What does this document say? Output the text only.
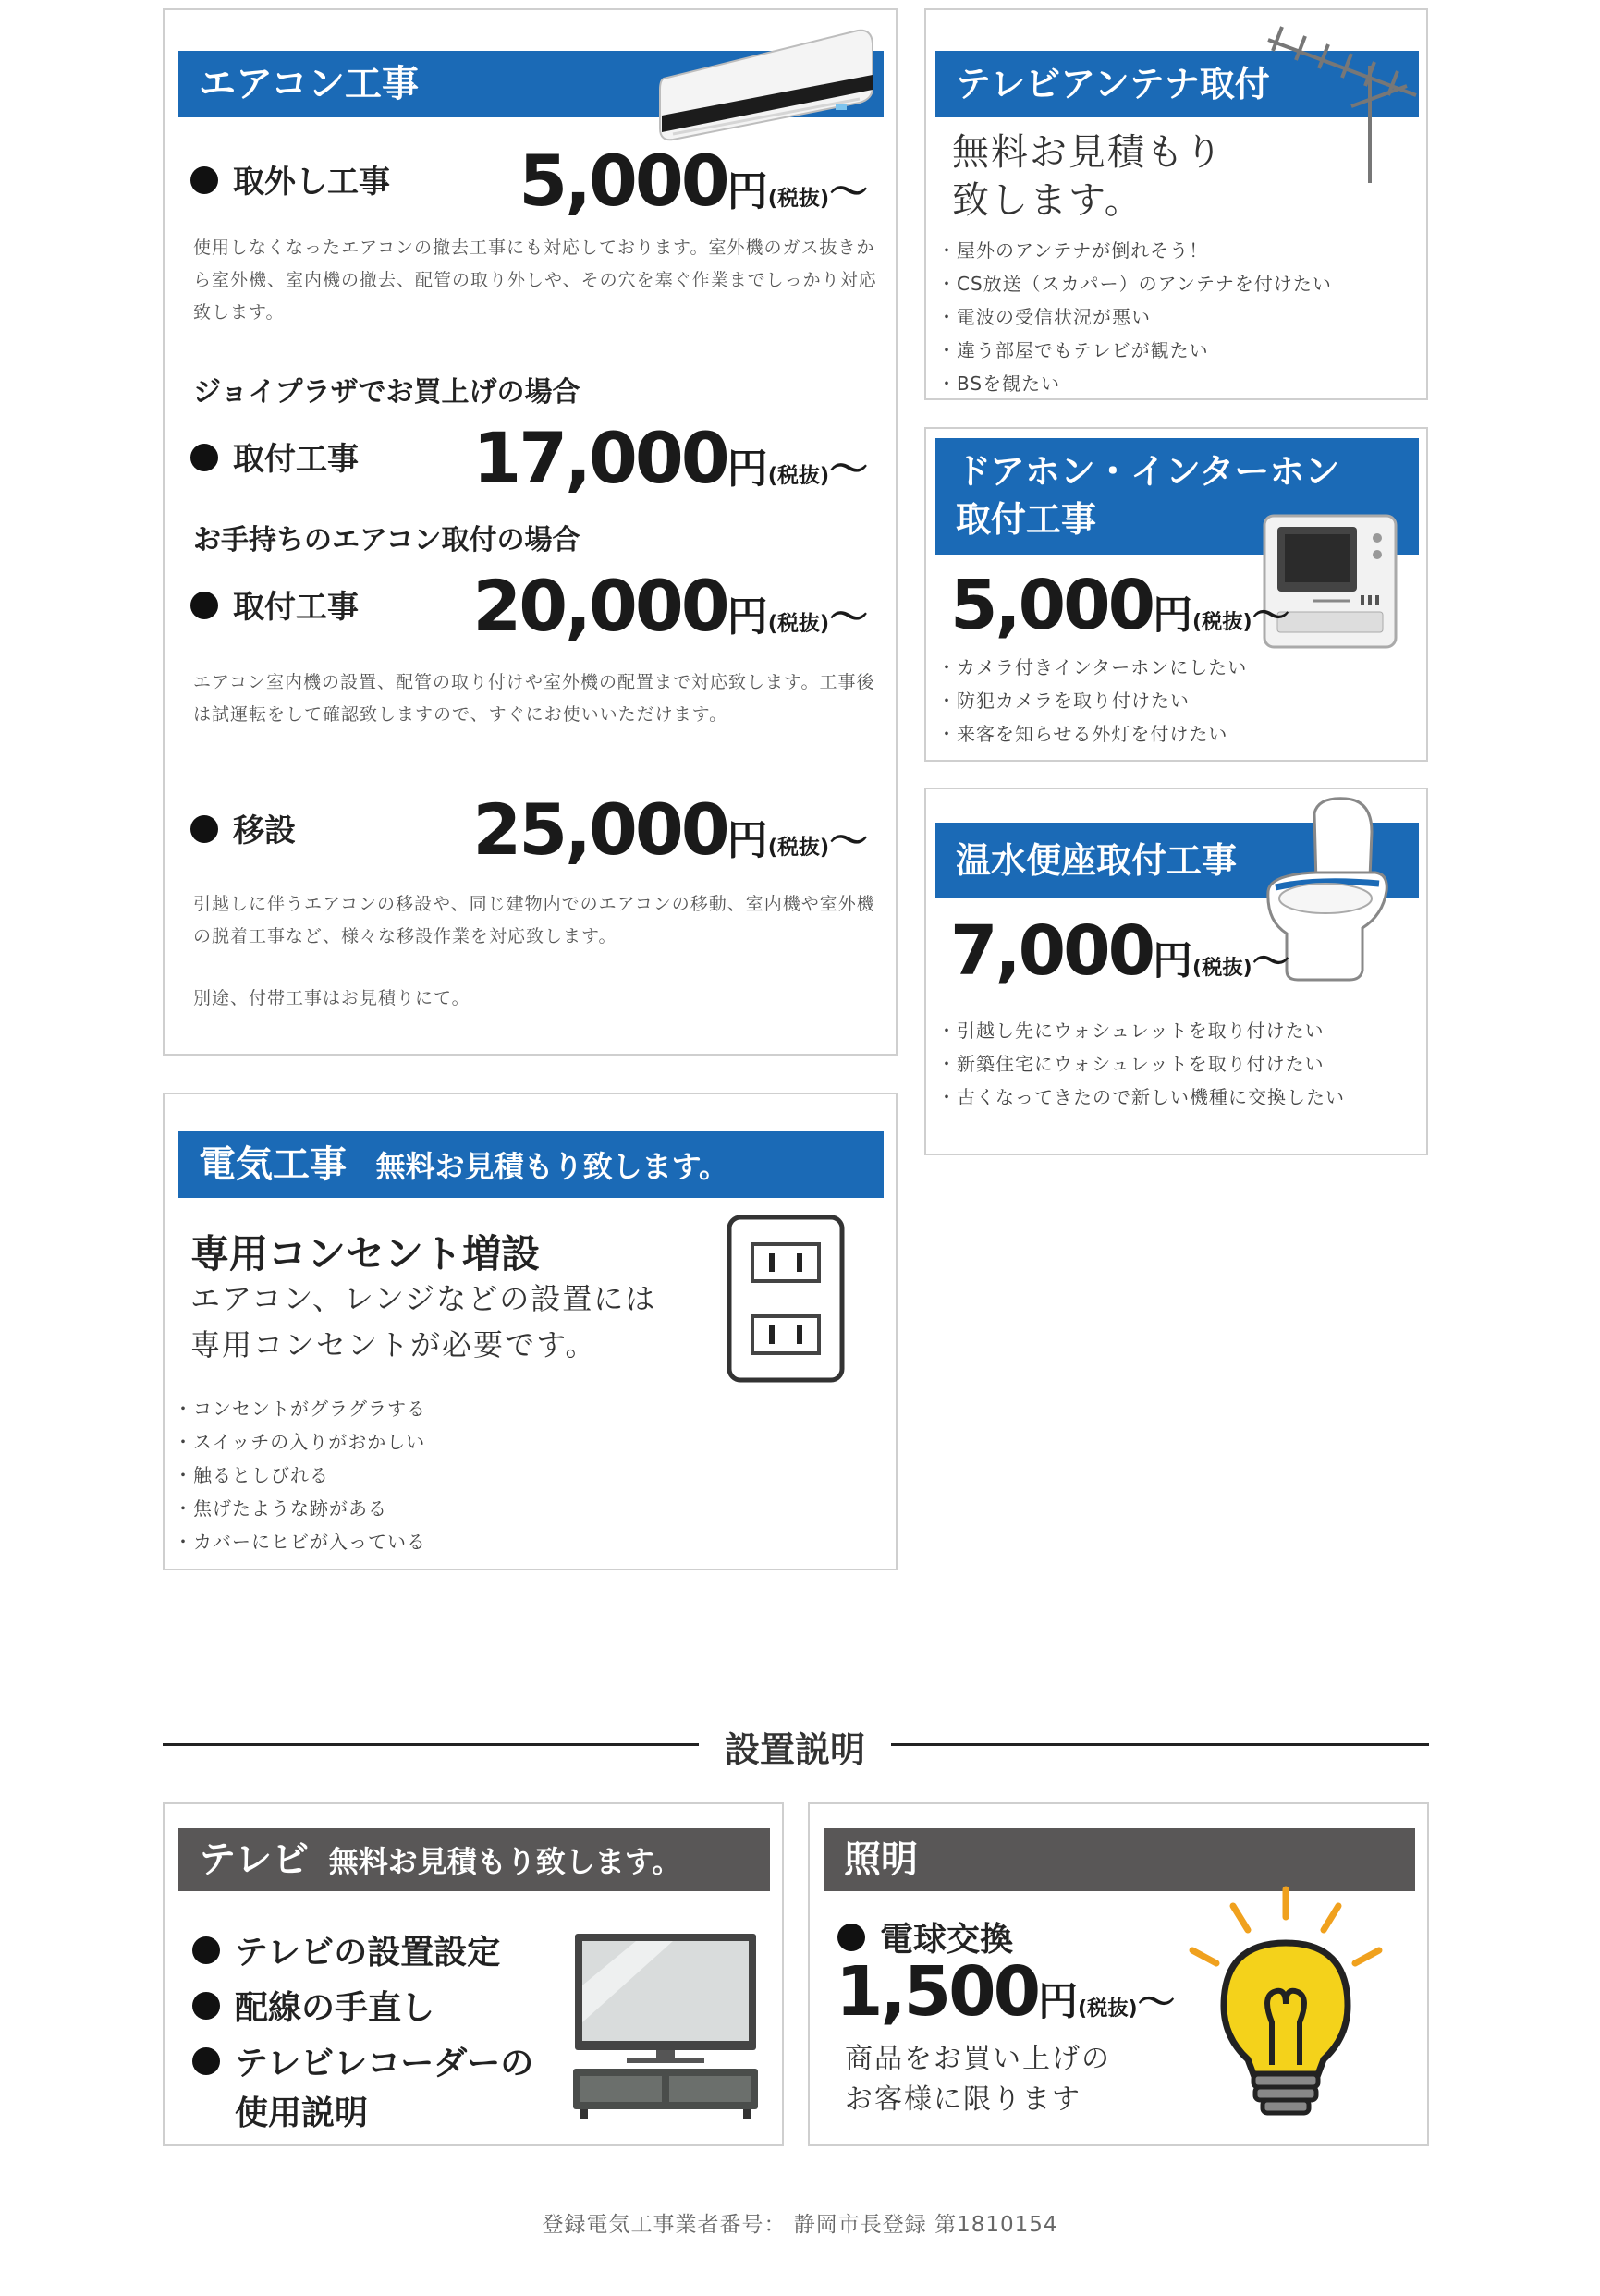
エアコン工事
取外し工事 5,000円(税抜)〜
使用しなくなったエアコンの撤去工事にも対応しております。室外機のガス抜きから室外機、室内機の撤去、配管の取り外しや、その穴を塞ぐ作業までしっかり対応致します。
ジョイプラザでお買上げの場合
取付工事 17,000円(税抜)〜
お手持ちのエアコン取付の場合
取付工事 20,000円(税抜)〜
エアコン室内機の設置、配管の取り付けや室外機の配置まで対応致します。工事後は試運転をして確認致しますので、すぐにお使いいただけます。
移設	25,000円(税抜)〜
引越しに伴うエアコンの移設や、同じ建物内でのエアコンの移動、室内機や室外機の脱着工事など、様々な移設作業を対応致します。
別途、付帯工事はお見積りにて。
テレビアンテナ取付
無料お見積もり
致します。
・ 屋外のアンテナが倒れそう！
・ CS放送（スカパー）のアンテナを付けたい
・ 電波の受信状況が悪い
・ 違う部屋でもテレビが観たい
・ BSを観たい
ドアホン・インターホン
取付工事
5,000円(税抜)〜
・ カメラ付きインターホンにしたい
・ 防犯カメラを取り付けたい
・ 来客を知らせる外灯を付けたい
温水便座取付工事
7,000円(税抜)〜
・ 引越し先にウォシュレットを取り付けたい
・ 新築住宅にウォシュレットを取り付けたい
・ 古くなってきたので新しい機種に交換したい
電気工事 無料お見積もり致します。
専用コンセント増設
エアコン、レンジなどの設置には
専用コンセントが必要です。
・ コンセントがグラグラする
・ スイッチの入りがおかしい
・ 触るとしびれる
・ 焦げたような跡がある
・ カバーにヒビが入っている
設置説明
テレビ 無料お見積もり致します。
テレビの設置設定
配線の手直し
テレビレコーダーの
使用説明
照明
電球交換
1,500円(税抜)〜
商品をお買い上げの
お客様に限ります
登録電気工事業者番号： 静岡市長登録 第1810154
